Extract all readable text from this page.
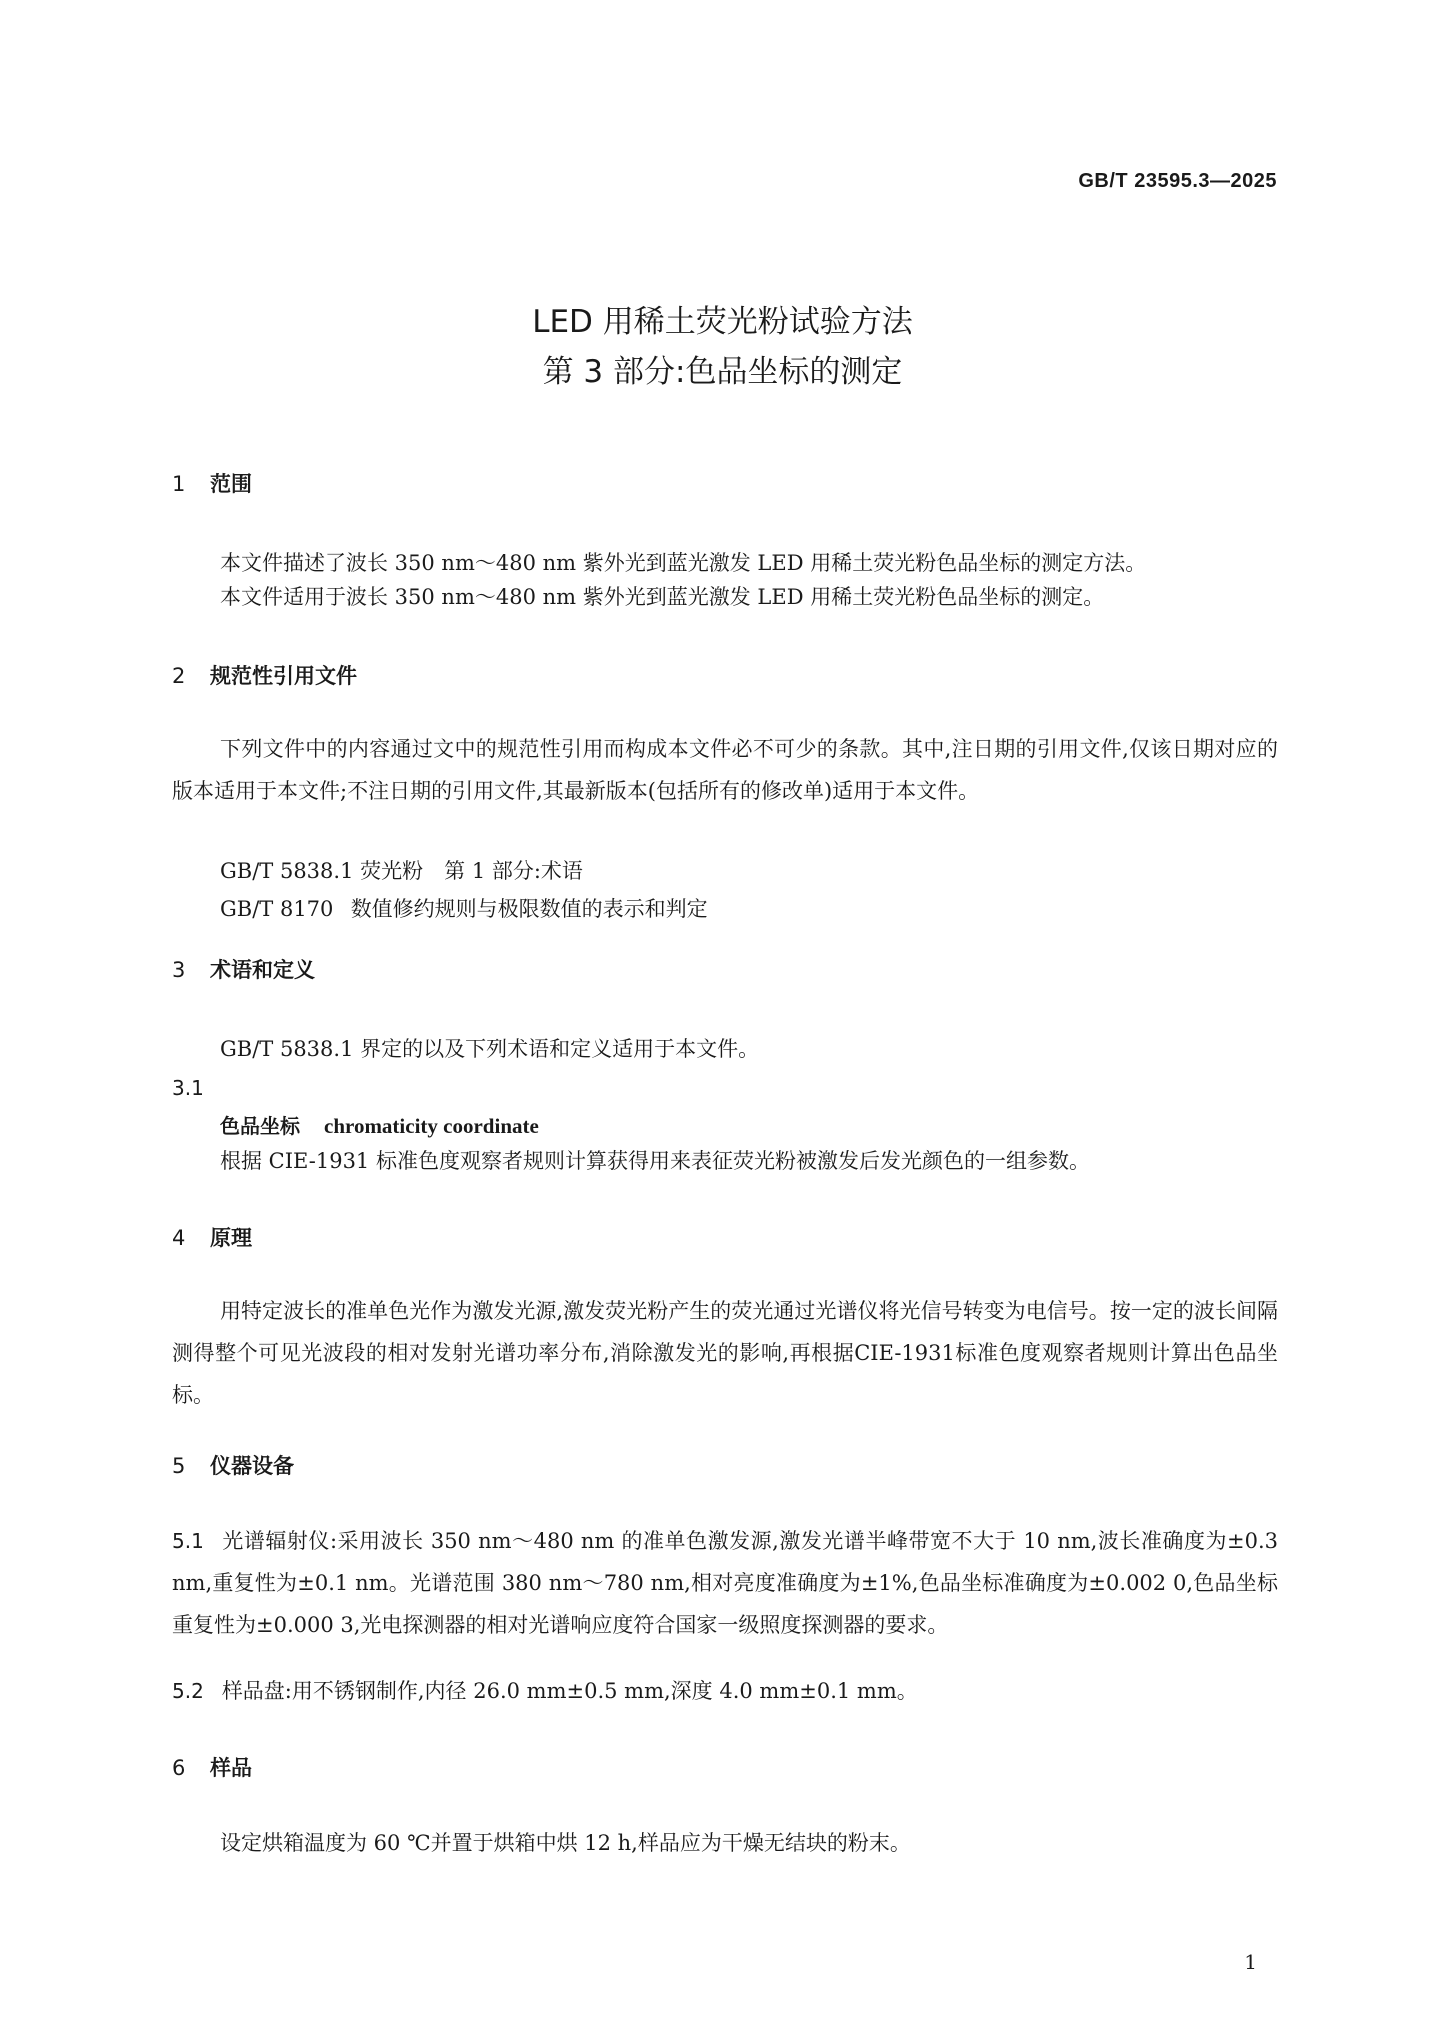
GB/T 23595.3—2025
LED 用稀土荧光粉试验方法
第 3 部分:色品坐标的测定
1 范围
本文件描述了波长 350 nm～480 nm 紫外光到蓝光激发 LED 用稀土荧光粉色品坐标的测定方法。
本文件适用于波长 350 nm～480 nm 紫外光到蓝光激发 LED 用稀土荧光粉色品坐标的测定。
2 规范性引用文件
下列文件中的内容通过文中的规范性引用而构成本文件必不可少的条款。其中,注日期的引用文件,仅该日期对应的版本适用于本文件;不注日期的引用文件,其最新版本(包括所有的修改单)适用于本文件。
GB/T 5838.1 荧光粉　第 1 部分:术语
GB/T 8170 数值修约规则与极限数值的表示和判定
3 术语和定义
GB/T 5838.1 界定的以及下列术语和定义适用于本文件。
3.1
色品坐标 chromaticity coordinate
根据 CIE-1931 标准色度观察者规则计算获得用来表征荧光粉被激发后发光颜色的一组参数。
4 原理
用特定波长的准单色光作为激发光源,激发荧光粉产生的荧光通过光谱仪将光信号转变为电信号。按一定的波长间隔测得整个可见光波段的相对发射光谱功率分布,消除激发光的影响,再根据CIE-1931标准色度观察者规则计算出色品坐标。
5 仪器设备
5.1 光谱辐射仪:采用波长 350 nm～480 nm 的准单色激发源,激发光谱半峰带宽不大于 10 nm,波长准确度为±0.3 nm,重复性为±0.1 nm。光谱范围 380 nm～780 nm,相对亮度准确度为±1%,色品坐标准确度为±0.002 0,色品坐标重复性为±0.000 3,光电探测器的相对光谱响应度符合国家一级照度探测器的要求。
5.2 样品盘:用不锈钢制作,内径 26.0 mm±0.5 mm,深度 4.0 mm±0.1 mm。
6 样品
设定烘箱温度为 60 ℃并置于烘箱中烘 12 h,样品应为干燥无结块的粉末。
1
